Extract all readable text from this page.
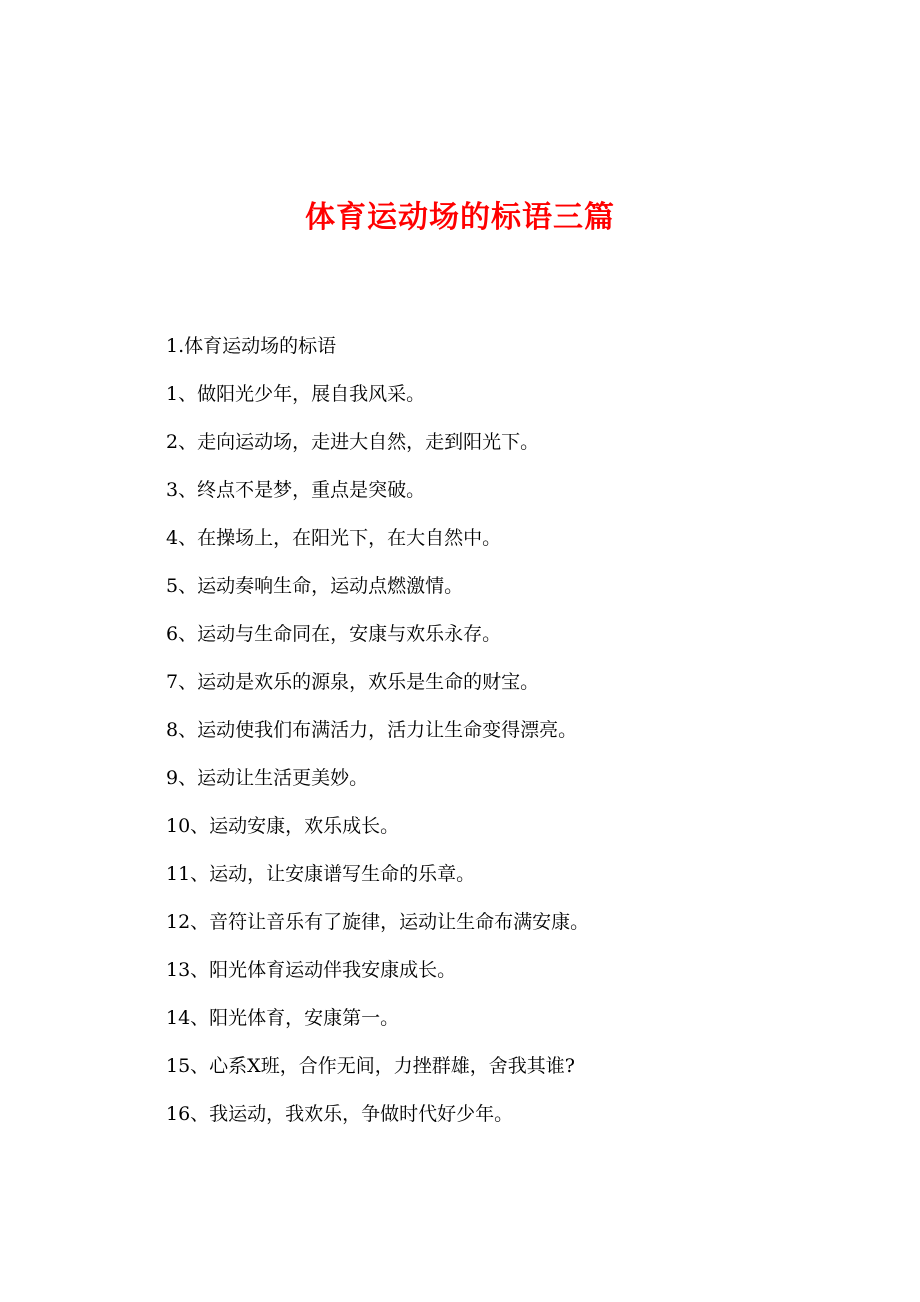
体育运动场的标语三篇
1.体育运动场的标语
1、做阳光少年，展自我风采。
2、走向运动场，走进大自然，走到阳光下。
3、终点不是梦，重点是突破。
4、在操场上，在阳光下，在大自然中。
5、运动奏响生命，运动点燃激情。
6、运动与生命同在，安康与欢乐永存。
7、运动是欢乐的源泉，欢乐是生命的财宝。
8、运动使我们布满活力，活力让生命变得漂亮。
9、运动让生活更美妙。
10、运动安康，欢乐成长。
11、运动，让安康谱写生命的乐章。
12、音符让音乐有了旋律，运动让生命布满安康。
13、阳光体育运动伴我安康成长。
14、阳光体育，安康第一。
15、心系X班，合作无间，力挫群雄，舍我其谁?
16、我运动，我欢乐，争做时代好少年。
